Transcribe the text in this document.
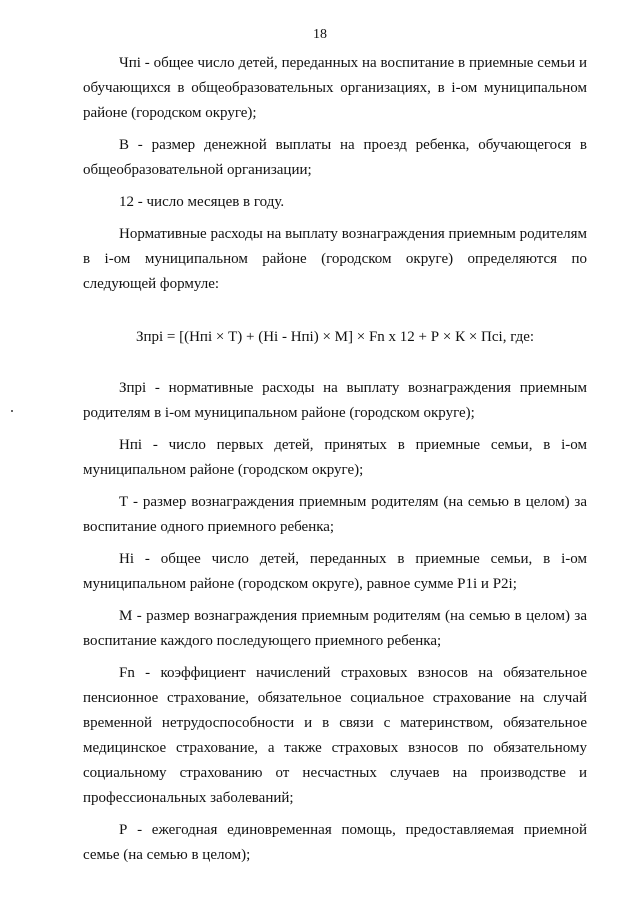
18

Чпi - общее число детей, переданных на воспитание в приемные семьи и обучающихся в общеобразовательных организациях, в i-ом муниципальном районе (городском округе);

В - размер денежной выплаты на проезд ребенка, обучающегося в общеобразовательной организации;

12 - число месяцев в году.

Нормативные расходы на выплату вознаграждения приемным родителям в i-ом муниципальном районе (городском округе) определяются по следующей формуле:

Зпрi = [(Нпi × Т) + (Нi - Нпi) × М] × Fn x 12 + Р × К × Псi, где:

Зпрi - нормативные расходы на выплату вознаграждения приемным родителям в i-ом муниципальном районе (городском округе);

Нпi - число первых детей, принятых в приемные семьи, в i-ом муниципальном районе (городском округе);

Т - размер вознаграждения приемным родителям (на семью в целом) за воспитание одного приемного ребенка;

Нi - общее число детей, переданных в приемные семьи, в i-ом муниципальном районе (городском округе), равное сумме Р1i и Р2i;

М - размер вознаграждения приемным родителям (на семью в целом) за воспитание каждого последующего приемного ребенка;

Fn - коэффициент начислений страховых взносов на обязательное пенсионное страхование, обязательное социальное страхование на случай временной нетрудоспособности и в связи с материнством, обязательное медицинское страхование, а также страховых взносов по обязательному социальному страхованию от несчастных случаев на производстве и профессиональных заболеваний;

Р - ежегодная единовременная помощь, предоставляемая приемной семье (на семью в целом);
